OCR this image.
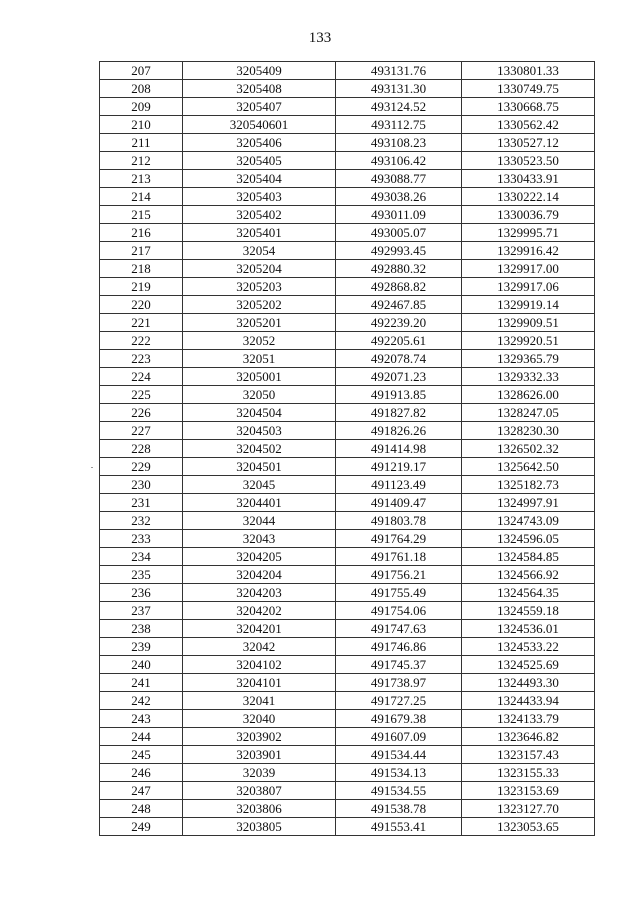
133
207	3205409	493131.76	1330801.33
208	3205408	493131.30	1330749.75
209	3205407	493124.52	1330668.75
210	320540601	493112.75	1330562.42
211	3205406	493108.23	1330527.12
212	3205405	493106.42	1330523.50
213	3205404	493088.77	1330433.91
214	3205403	493038.26	1330222.14
215	3205402	493011.09	1330036.79
216	3205401	493005.07	1329995.71
217	32054	492993.45	1329916.42
218	3205204	492880.32	1329917.00
219	3205203	492868.82	1329917.06
220	3205202	492467.85	1329919.14
221	3205201	492239.20	1329909.51
222	32052	492205.61	1329920.51
223	32051	492078.74	1329365.79
224	3205001	492071.23	1329332.33
225	32050	491913.85	1328626.00
226	3204504	491827.82	1328247.05
227	3204503	491826.26	1328230.30
228	3204502	491414.98	1326502.32
229	3204501	491219.17	1325642.50
230	32045	491123.49	1325182.73
231	3204401	491409.47	1324997.91
232	32044	491803.78	1324743.09
233	32043	491764.29	1324596.05
234	3204205	491761.18	1324584.85
235	3204204	491756.21	1324566.92
236	3204203	491755.49	1324564.35
237	3204202	491754.06	1324559.18
238	3204201	491747.63	1324536.01
239	32042	491746.86	1324533.22
240	3204102	491745.37	1324525.69
241	3204101	491738.97	1324493.30
242	32041	491727.25	1324433.94
243	32040	491679.38	1324133.79
244	3203902	491607.09	1323646.82
245	3203901	491534.44	1323157.43
246	32039	491534.13	1323155.33
247	3203807	491534.55	1323153.69
248	3203806	491538.78	1323127.70
249	3203805	491553.41	1323053.65
